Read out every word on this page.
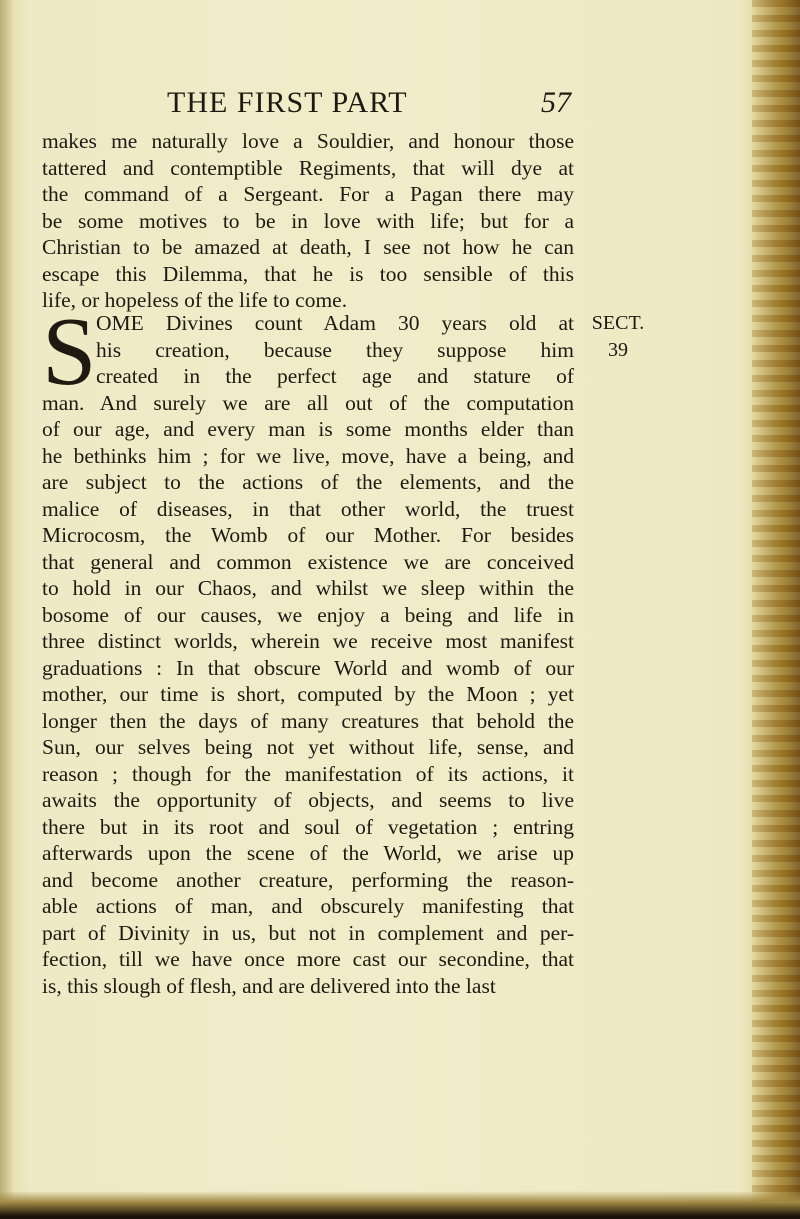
THE FIRST PART	57
makes me naturally love a Souldier, and honour those
tattered and contemptible Regiments, that will dye at
the command of a Sergeant. For a Pagan there may
be some motives to be in love with life; but for a
Christian to be amazed at death, I see not how he can
escape this Dilemma, that he is too sensible of this
life, or hopeless of the life to come.
S OME Divines count Adam 30 years old at
his creation, because they suppose him
created in the perfect age and stature of
man. And surely we are all out of the computation
of our age, and every man is some months elder than
he bethinks him ; for we live, move, have a being, and
are subject to the actions of the elements, and the
malice of diseases, in that other world, the truest
Microcosm, the Womb of our Mother. For besides
that general and common existence we are conceived
to hold in our Chaos, and whilst we sleep within the
bosome of our causes, we enjoy a being and life in
three distinct worlds, wherein we receive most manifest
graduations : In that obscure World and womb of our
mother, our time is short, computed by the Moon ; yet
longer then the days of many creatures that behold the
Sun, our selves being not yet without life, sense, and
reason ; though for the manifestation of its actions, it
awaits the opportunity of objects, and seems to live
there but in its root and soul of vegetation ; entring
afterwards upon the scene of the World, we arise up
and become another creature, performing the reason-
able actions of man, and obscurely manifesting that
part of Divinity in us, but not in complement and per-
fection, till we have once more cast our secondine, that
is, this slough of flesh, and are delivered into the last
SECT.
39
